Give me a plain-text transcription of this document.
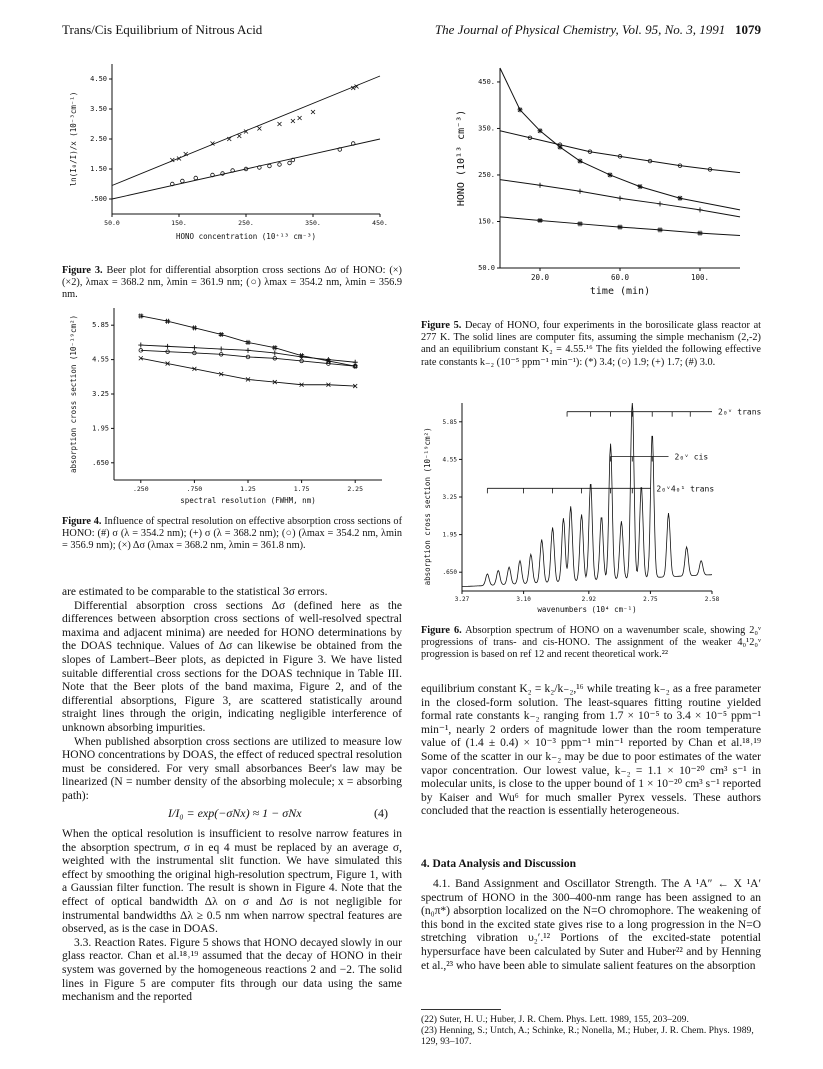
Trans/Cis Equilibrium of Nitrous Acid	The Journal of Physical Chemistry, Vol. 95, No. 3, 1991 1079
.500
1.50
2.50
3.50
4.50
50.0	150.	250.	350.	450.
HONO concentration (10⁺¹³ cm⁻³)
ln(I₀/I)/x (10⁻³cm⁻¹)
Figure 3. Beer plot for differential absorption cross sections Δσ of HONO: (×) (×2), λmax = 368.2 nm, λmin = 361.9 nm; (○) λmax = 354.2 nm, λmin = 356.9 nm.
.650
1.95
3.25
4.55
5.85
.250	.750	1.25	1.75	2.25
spectral resolution (FWHM, nm)
absorption cross section (10⁻¹⁹cm²)
Figure 4. Influence of spectral resolution on effective absorption cross sections of HONO: (#) σ (λ = 354.2 nm); (+) σ (λ = 368.2 nm); (○) (λmax = 354.2 nm, λmin = 356.9 nm); (×) Δσ (λmax = 368.2 nm, λmin = 361.8 nm).

are estimated to be comparable to the statistical 3σ errors.

Differential absorption cross sections Δσ (defined here as the differences between absorption cross sections of well-resolved spectral maxima and adjacent minima) are needed for HONO determinations by the DOAS technique. Values of Δσ can likewise be obtained from the slopes of Lambert–Beer plots, as depicted in Figure 3. We have listed suitable differential cross sections for the DOAS technique in Table III. Note that the Beer plots of the band maxima, Figure 2, and of the differential absorptions, Figure 3, are scattered statistically around straight lines through the origin, indicating negligible interference of unknown absorbing impurities.

When published absorption cross sections are utilized to measure low HONO concentrations by DOAS, the effect of reduced spectral resolution must be considered. For very small absorbances Beer's law may be linearized (N = number density of the absorbing molecule; x = absorbing path):

I/I₀ = exp(−σNx) ≈ 1 − σNx	(4)

When the optical resolution is insufficient to resolve narrow features in the absorption spectrum, σ in eq 4 must be replaced by an average σ, weighted with the instrumental slit function. We have simulated this effect by smoothing the original high-resolution spectrum, Figure 1, with a Gaussian filter function. The result is shown in Figure 4. Note that the effect of optical bandwidth Δλ on σ and Δσ is not negligible for instrumental bandwidths Δλ ≥ 0.5 nm when narrow spectral features are observed, as is the case in DOAS.

3.3. Reaction Rates. Figure 5 shows that HONO decayed slowly in our glass reactor. Chan et al.¹⁸˒¹⁹ assumed that the decay of HONO in their system was governed by the homogeneous reactions 2 and −2. The solid lines in Figure 5 are computer fits through our data using the same mechanism and the reported

50.0
150.
250.
350.
450.
20.0	60.0	100.
time (min)
HONO (10¹³ cm⁻³)
Figure 5. Decay of HONO, four experiments in the borosilicate glass reactor at 277 K. The solid lines are computer fits, assuming the simple mechanism (2,-2) and an equilibrium constant K₂ = 4.55.¹⁶ The fits yielded the following effective rate constants k₋₂ (10⁻⁵ ppm⁻¹ min⁻¹): (*) 3.4; (○) 1.9; (+) 1.7; (#) 3.0.
.650
1.95
3.25
4.55
5.85
3.27	3.10	2.92	2.75	2.58
wavenumbers (10⁴ cm⁻¹)
absorption cross section (10⁻¹⁹cm²)
2₀ᵛ trans
2₀ᵛ cis
2₀ᵛ4₀¹ trans
Figure 6. Absorption spectrum of HONO on a wavenumber scale, showing 2₀ᵛ progressions of trans- and cis-HONO. The assignment of the weaker 4₀¹2₀ᵛ progression is based on ref 12 and recent theoretical work.²²

equilibrium constant K₂ = k₂/k₋₂,¹⁶ while treating k₋₂ as a free parameter in the closed-form solution. The least-squares fitting routine yielded formal rate constants k₋₂ ranging from 1.7 × 10⁻⁵ to 3.4 × 10⁻⁵ ppm⁻¹ min⁻¹, nearly 2 orders of magnitude lower than the room temperature value of (1.4 ± 0.4) × 10⁻³ ppm⁻¹ min⁻¹ reported by Chan et al.¹⁸˒¹⁹ Some of the scatter in our k₋₂ may be due to poor estimates of the water vapor concentration. Our lowest value, k₋₂ = 1.1 × 10⁻²⁰ cm³ s⁻¹ in molecular units, is close to the upper bound of 1 × 10⁻²⁰ cm³ s⁻¹ reported by Kaiser and Wu⁶ for much smaller Pyrex vessels. These authors concluded that the reaction is essentially heterogeneous.

4. Data Analysis and Discussion

4.1. Band Assignment and Oscillator Strength. The A ¹A″ ← X ¹A′ spectrum of HONO in the 300–400-nm range has been assigned to an (n₀π*) absorption localized on the N=O chromophore. The weakening of this bond in the excited state gives rise to a long progression in the N=O stretching vibration υ₂′.¹² Portions of the excited-state potential hypersurface have been calculated by Suter and Huber²² and by Henning et al.,²³ who have been able to simulate salient features on the absorption

(22) Suter, H. U.; Huber, J. R. Chem. Phys. Lett. 1989, 155, 203–209.
(23) Henning, S.; Untch, A.; Schinke, R.; Nonella, M.; Huber, J. R. Chem. Phys. 1989, 129, 93–107.
